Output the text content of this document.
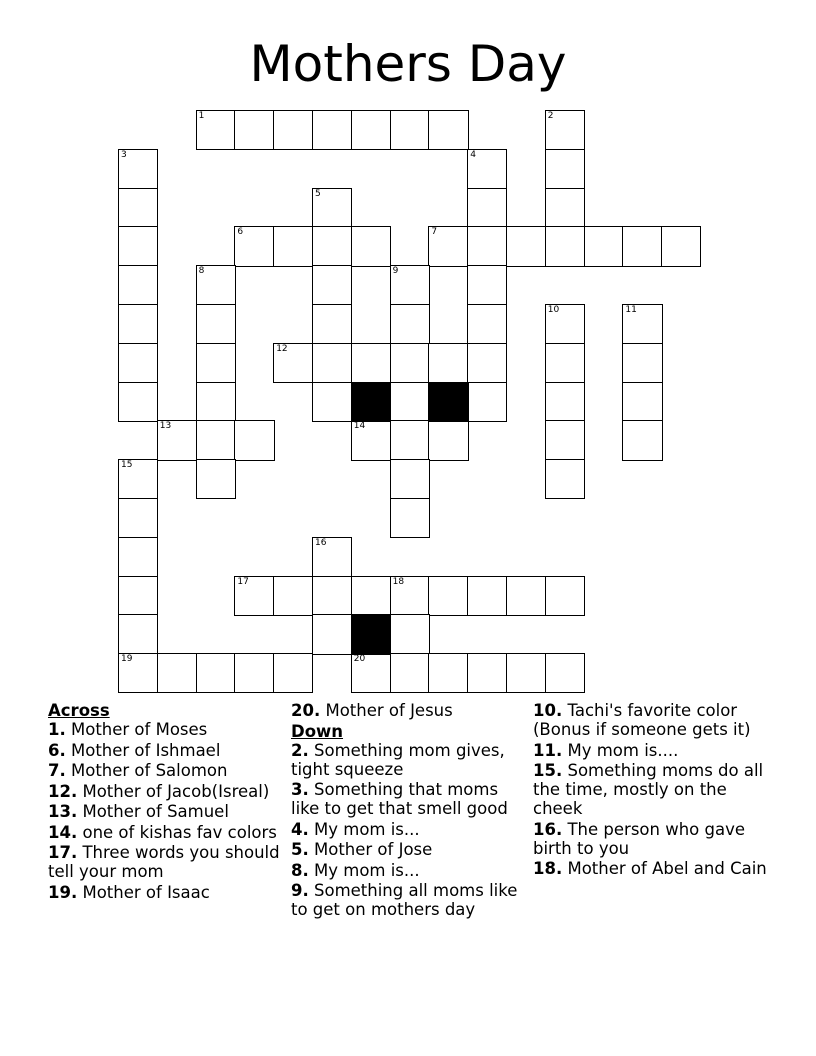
Mothers Day
1	2
3	4
5
6	7
8	9
10	11
12
13	14
15
16
17	18
19	20
Across
1. Mother of Moses
6. Mother of Ishmael
7. Mother of Salomon
12. Mother of Jacob(Isreal)
13. Mother of Samuel
14. one of kishas fav colors
17. Three words you should tell your mom
19. Mother of Isaac
20. Mother of Jesus
Down
2. Something mom gives, tight squeeze
3. Something that moms like to get that smell good
4. My mom is...
5. Mother of Jose
8. My mom is...
9. Something all moms like to get on mothers day
10. Tachi's favorite color (Bonus if someone gets it)
11. My mom is....
15. Something moms do all the time, mostly on the cheek
16. The person who gave birth to you
18. Mother of Abel and Cain
